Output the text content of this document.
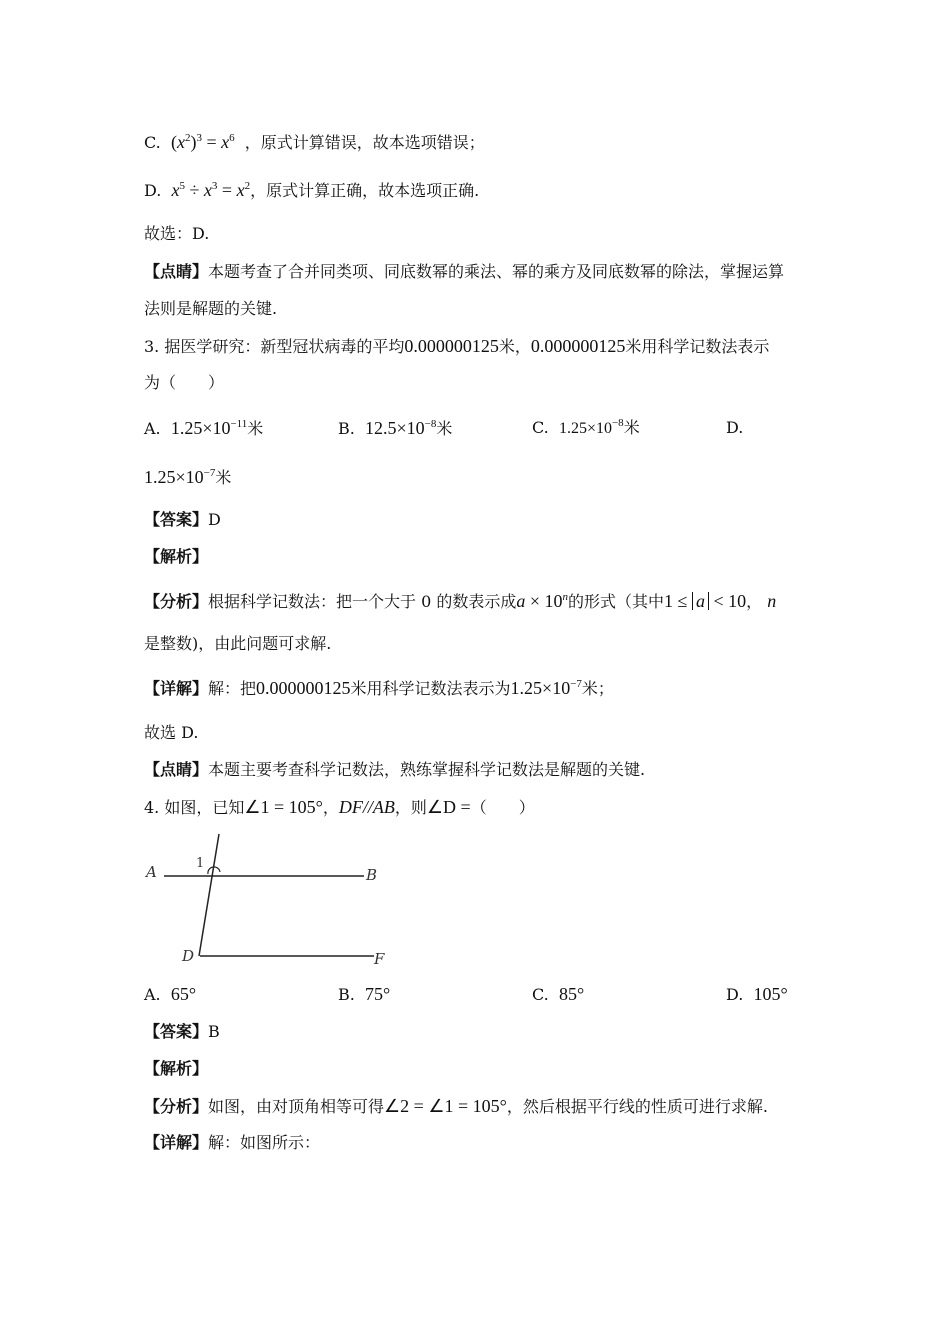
C. $(x^2)^3 = x^6$ ，原式计算错误，故本选项错误；
D. $x^5 \div x^3 = x^2$，原式计算正确，故本选项正确.
故选：D.
【点睛】本题考查了合并同类项、同底数幂的乘法、幂的乘方及同底数幂的除法，掌握运算
法则是解题的关键.
3. 据医学研究：新型冠状病毒的平均0.000000125米，0.000000125米用科学记数法表示
为（　　）
A. $1.25\times 10^{-11}$米	B. $12.5\times 10^{-8}$米	C. $1.25\times 10^{-8}$米	D.
$1.25\times 10^{-7}$米
【答案】D
【解析】
【分析】根据科学记数法：把一个大于 0 的数表示成$a \times 10^n$的形式（其中1 ≤ a < 10， n
是整数)，由此问题可求解.
【详解】解：把0.000000125米用科学记数法表示为$1.25\times 10^{-7}$米；
故选 D.
【点睛】本题主要考查科学记数法，熟练掌握科学记数法是解题的关键.
4. 如图，已知∠1 = 105°，DF//AB，则∠D =（　　）
A	B
D	F
1
A. 65°	B. 75°	C. 85°	D. 105°
【答案】B
【解析】
【分析】如图，由对顶角相等可得∠2 = ∠1 = 105°，然后根据平行线的性质可进行求解.
【详解】解：如图所示：
